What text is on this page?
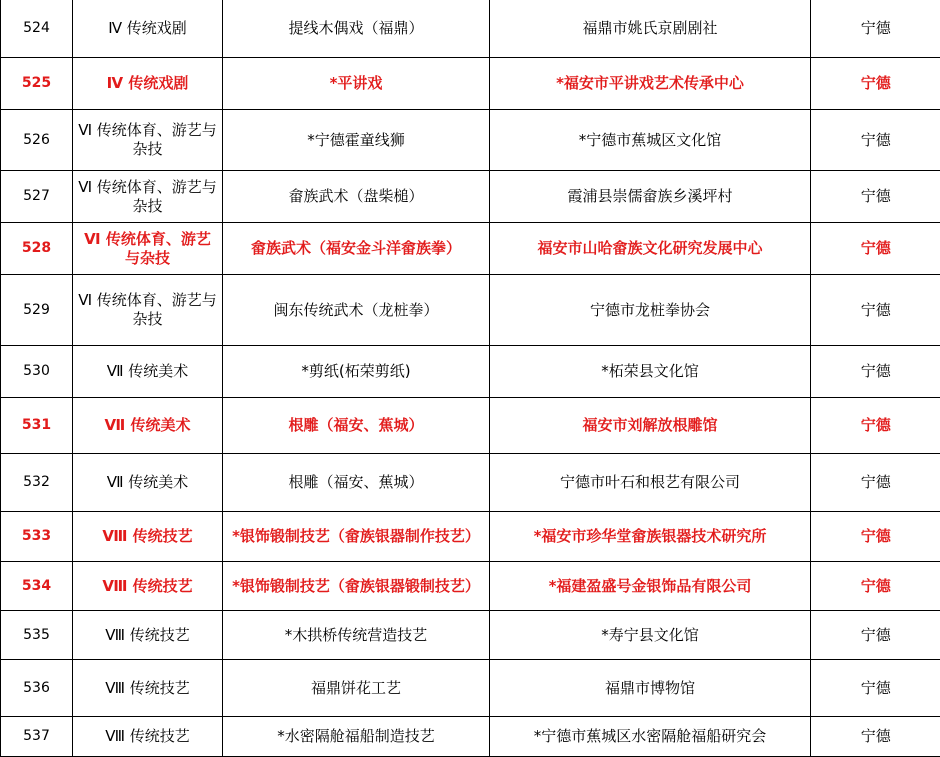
524	Ⅳ 传统戏剧	提线木偶戏（福鼎）	福鼎市姚氏京剧剧社	宁德
525	Ⅳ 传统戏剧	*平讲戏	*福安市平讲戏艺术传承中心	宁德
526	Ⅵ 传统体育、游艺与杂技	*宁德霍童线狮	*宁德市蕉城区文化馆	宁德
527	Ⅵ 传统体育、游艺与杂技	畲族武术（盘柴槌）	霞浦县崇儒畲族乡溪坪村	宁德
528	Ⅵ 传统体育、游艺与杂技	畲族武术（福安金斗洋畲族拳）	福安市山哈畲族文化研究发展中心	宁德
529	Ⅵ 传统体育、游艺与杂技	闽东传统武术（龙桩拳）	宁德市龙桩拳协会	宁德
530	Ⅶ 传统美术	*剪纸(柘荣剪纸)	*柘荣县文化馆	宁德
531	Ⅶ 传统美术	根雕（福安、蕉城）	福安市刘解放根雕馆	宁德
532	Ⅶ 传统美术	根雕（福安、蕉城）	宁德市叶石和根艺有限公司	宁德
533	Ⅷ 传统技艺	*银饰锻制技艺（畲族银器制作技艺）	*福安市珍华堂畲族银器技术研究所	宁德
534	Ⅷ 传统技艺	*银饰锻制技艺（畲族银器锻制技艺）	*福建盈盛号金银饰品有限公司	宁德
535	Ⅷ 传统技艺	*木拱桥传统营造技艺	*寿宁县文化馆	宁德
536	Ⅷ 传统技艺	福鼎饼花工艺	福鼎市博物馆	宁德
537	Ⅷ 传统技艺	*水密隔舱福船制造技艺	*宁德市蕉城区水密隔舱福船研究会	宁德
